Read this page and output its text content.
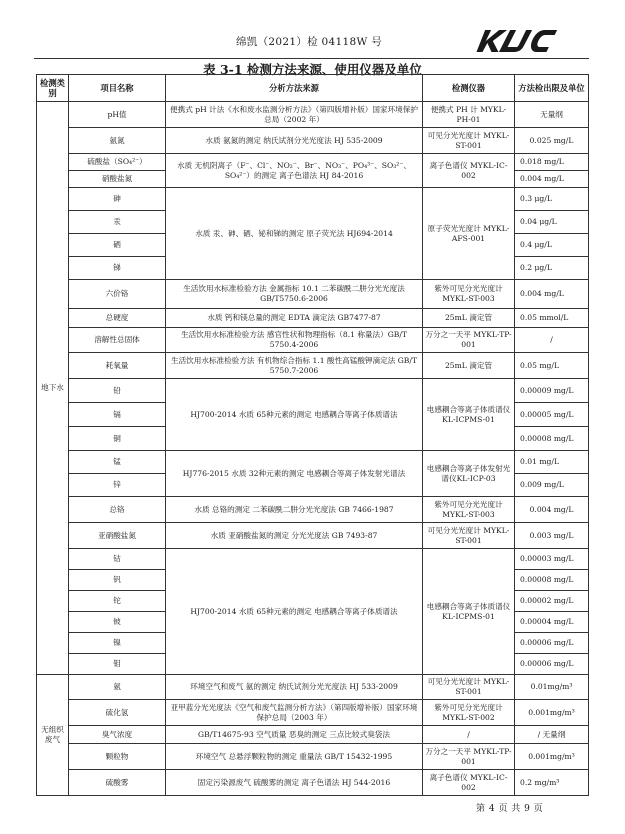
绵凯（2021）检 04118W 号
表 3-1 检测方法来源、使用仪器及单位
检测类别	项目名称	分析方法来源	检测仪器	方法检出限及单位
地下水	pH值	便携式 pH 计法《水和废水监测分析方法》（第四版增补版）国家环境保护总局（2002 年）	便携式 PH 计 MYKL-PH-01	无量纲
	氨氮	水质 氨氮的测定 纳氏试剂分光光度法 HJ 535-2009	可见分光光度计 MYKL-ST-001	0.025 mg/L
	硫酸盐（SO₄²⁻）	水质 无机阴离子（F⁻、Cl⁻、NO₂⁻、Br⁻、NO₃⁻、PO₄³⁻、SO₃²⁻、SO₄²⁻）的测定 离子色谱法 HJ 84-2016	离子色谱仪 MYKL-IC-002	0.018 mg/L
	硝酸盐氮			0.004 mg/L
	砷	水质 汞、砷、硒、铋和锑的测定 原子荧光法 HJ694-2014	原子荧光光度计 MYKL-AFS-001	0.3 μg/L
	汞			0.04 μg/L
	硒			0.4 μg/L
	锑			0.2 μg/L
	六价铬	生活饮用水标准检验方法 金属指标 10.1 二苯碳酰二肼分光光度法 GB/T5750.6-2006	紫外可见分光光度计 MYKL-ST-003	0.004 mg/L
	总硬度	水质 钙和镁总量的测定 EDTA 滴定法 GB7477-87	25mL 滴定管	0.05 mmol/L
	溶解性总固体	生活饮用水标准检验方法 感官性状和物理指标（8.1 称量法）GB/T 5750.4-2006	万分之一天平 MYKL-TP-001	/
	耗氧量	生活饮用水标准检验方法 有机物综合指标 1.1 酸性高锰酸钾滴定法 GB/T 5750.7-2006	25mL 滴定管	0.05 mg/L
	铅	HJ700-2014 水质 65种元素的测定 电感耦合等离子体质谱法	电感耦合等离子体质谱仪KL-ICPMS-01	0.00009 mg/L
	镉			0.00005 mg/L
	铜			0.00008 mg/L
	锰	HJ776-2015 水质 32种元素的测定 电感耦合等离子体发射光谱法	电感耦合等离子体发射光谱仪KL-ICP-03	0.01 mg/L
	锌			0.009 mg/L
	总铬	水质 总铬的测定 二苯碳酰二肼分光光度法 GB 7466-1987	紫外可见分光光度计 MYKL-ST-003	0.004 mg/L
	亚硝酸盐氮	水质 亚硝酸盐氮的测定 分光光度法 GB 7493-87	可见分光光度计 MYKL-ST-001	0.003 mg/L
	钴	HJ700-2014 水质 65种元素的测定 电感耦合等离子体质谱法	电感耦合等离子体质谱仪KL-ICPMS-01	0.00003 mg/L
	钒			0.00008 mg/L
	铊			0.00002 mg/L
	铍			0.00004 mg/L
	镍			0.00006 mg/L
	钼			0.00006 mg/L
无组织废气	氨	环境空气和废气 氨的测定 纳氏试剂分光光度法 HJ 533-2009	可见分光光度计 MYKL-ST-001	0.01mg/m³
	硫化氢	亚甲蓝分光光度法《空气和废气监测分析方法》（第四版增补版）国家环境保护总局（2003 年）	紫外可见分光光度计 MYKL-ST-002	0.001mg/m³
	臭气浓度	GB/T14675-93 空气质量 恶臭的测定 三点比较式臭袋法	/	/ 无量纲
	颗粒物	环境空气 总悬浮颗粒物的测定 重量法 GB/T 15432-1995	万分之一天平 MYKL-TP-001	0.001mg/m³
	硫酸雾	固定污染源废气 硫酸雾的测定 离子色谱法 HJ 544-2016	离子色谱仪 MYKL-IC-002	0.2 mg/m³
第 4 页 共 9 页
